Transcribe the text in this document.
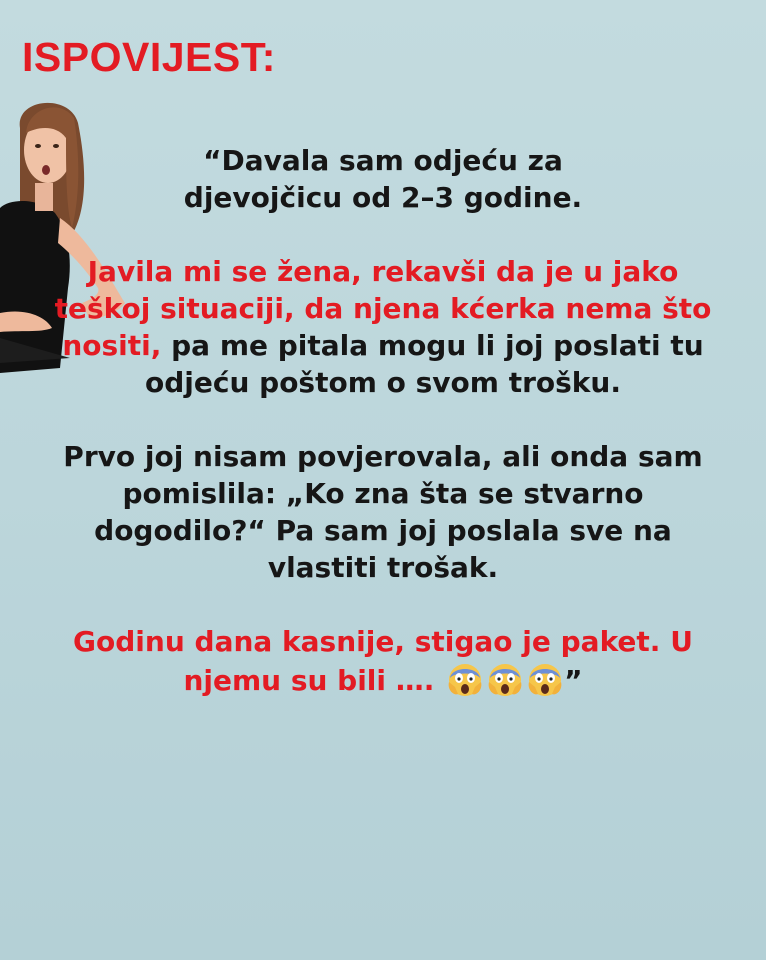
ISPOVIJEST:

“Davala sam odjeću za djevojčicu od 2–3 godine.

Javila mi se žena, rekavši da je u jako teškoj situaciji, da njena kćerka nema što nositi, pa me pitala mogu li joj poslati tu odjeću poštom o svom trošku.

Prvo joj nisam povjerovala, ali onda sam pomislila: „Ko zna šta se stvarno dogodilo?“ Pa sam joj poslala sve na vlastiti trošak.

Godinu dana kasnije, stigao je paket. U njemu su bili ….	”
